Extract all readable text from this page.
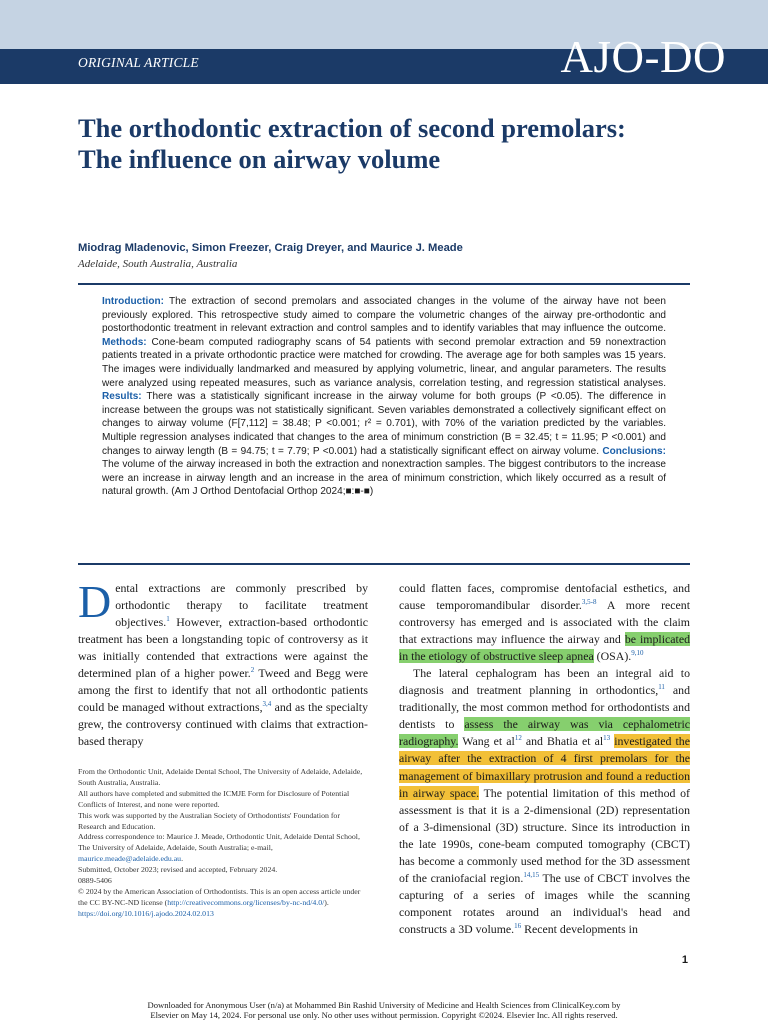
ORIGINAL ARTICLE	AJO-DO
The orthodontic extraction of second premolars: The influence on airway volume
Miodrag Mladenovic, Simon Freezer, Craig Dreyer, and Maurice J. Meade
Adelaide, South Australia, Australia
Introduction: The extraction of second premolars and associated changes in the volume of the airway have not been previously explored. This retrospective study aimed to compare the volumetric changes of the airway pre-orthodontic and postorthodontic treatment in relevant extraction and control samples and to identify variables that may influence the outcome. Methods: Cone-beam computed radiography scans of 54 patients with second premolar extraction and 59 nonextraction patients treated in a private orthodontic practice were matched for crowding. The average age for both samples was 15 years. The images were individually landmarked and measured by applying volumetric, linear, and angular parameters. The results were analyzed using repeated measures, such as variance analysis, correlation testing, and regression statistical analyses. Results: There was a statistically significant increase in the airway volume for both groups (P <0.05). The difference in increase between the groups was not statistically significant. Seven variables demonstrated a collectively significant effect on changes to airway volume (F[7,112] = 38.48; P <0.001; r² = 0.701), with 70% of the variation predicted by the variables. Multiple regression analyses indicated that changes to the area of minimum constriction (B = 32.45; t = 11.95; P <0.001) and changes to airway length (B = 94.75; t = 7.79; P <0.001) had a statistically significant effect on airway volume. Conclusions: The volume of the airway increased in both the extraction and nonextraction samples. The biggest contributors to the increase were an increase in airway length and an increase in the area of minimum constriction, which likely occurred as a result of natural growth. (Am J Orthod Dentofacial Orthop 2024;■:■-■)

Dental extractions are commonly prescribed by orthodontic therapy to facilitate treatment objectives.$^1$ However, extraction-based orthodontic treatment has been a longstanding topic of controversy as it was initially contended that extractions were against the determined plan of a higher power.$^2$ Tweed and Begg were among the first to identify that not all orthodontic patients could be managed without extractions,$^{3,4}$ and as the specialty grew, the controversy continued with claims that extraction-based therapy

From the Orthodontic Unit, Adelaide Dental School, The University of Adelaide, Adelaide, South Australia, Australia.

All authors have completed and submitted the ICMJE Form for Disclosure of Potential Conflicts of Interest, and none were reported.

This work was supported by the Australian Society of Orthodontists' Foundation for Research and Education.

Address correspondence to: Maurice J. Meade, Orthodontic Unit, Adelaide Dental School, The University of Adelaide, Adelaide, South Australia; e-mail, maurice.meade@adelaide.edu.au.

Submitted, October 2023; revised and accepted, February 2024.

0889-5406

© 2024 by the American Association of Orthodontists. This is an open access article under the CC BY-NC-ND license (http://creativecommons.org/licenses/by-nc-nd/4.0/).

https://doi.org/10.1016/j.ajodo.2024.02.013

could flatten faces, compromise dentofacial esthetics, and cause temporomandibular disorder.$^{3,5-8}$ A more recent controversy has emerged and is associated with the claim that extractions may influence the airway and be implicated in the etiology of obstructive sleep apnea (OSA).$^{9,10}$

The lateral cephalogram has been an integral aid to diagnosis and treatment planning in orthodontics,$^{11}$ and traditionally, the most common method for orthodontists and dentists to assess the airway was via cephalometric radiography. Wang et $al^{12}$ and Bhatia et $al^{13}$ investigated the airway after the extraction of 4 first premolars for the management of bimaxillary protrusion and found a reduction in airway space. The potential limitation of this method of assessment is that it is a 2-dimensional (2D) representation of a 3-dimensional (3D) structure. Since its introduction in the late 1990s, cone-beam computed tomography (CBCT) has become a commonly used method for the 3D assessment of the craniofacial region.$^{14,15}$ The use of CBCT involves the capturing of a series of images while the scanning component rotates around an individual's head and constructs a 3D volume.$^{16}$ Recent developments in

1
Downloaded for Anonymous User (n/a) at Mohammed Bin Rashid University of Medicine and Health Sciences from ClinicalKey.com by
Elsevier on May 14, 2024. For personal use only. No other uses without permission. Copyright ©2024. Elsevier Inc. All rights reserved.
